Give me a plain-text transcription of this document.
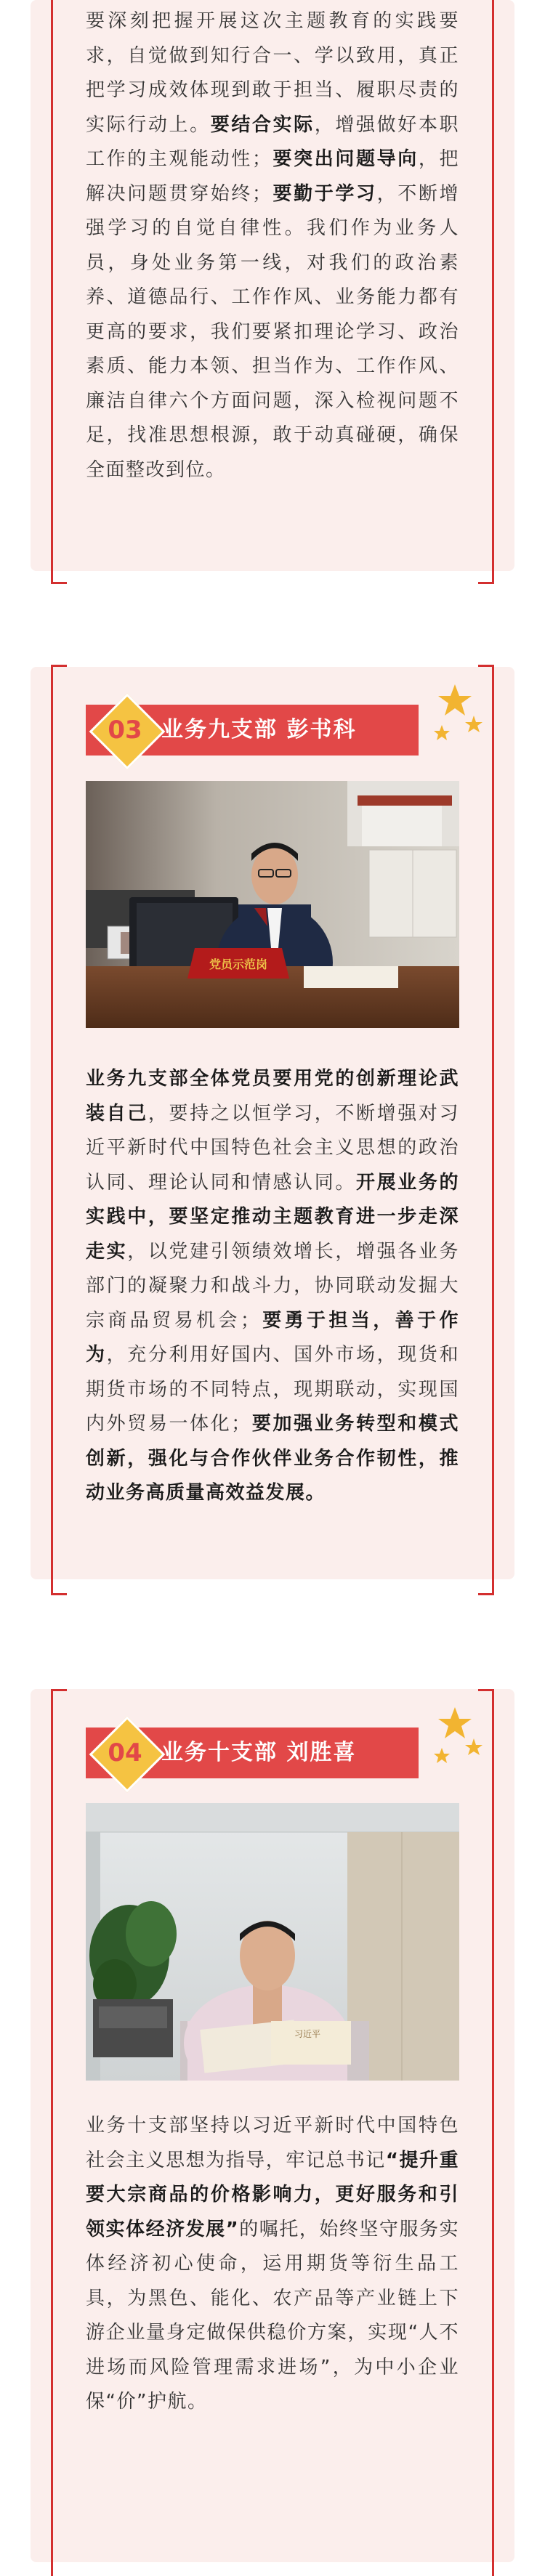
要深刻把握开展这次主题教育的实践要求，自觉做到知行合一、学以致用，真正把学习成效体现到敢于担当、履职尽责的实际行动上。要结合实际，增强做好本职工作的主观能动性；要突出问题导向，把解决问题贯穿始终；要勤于学习，不断增强学习的自觉自律性。我们作为业务人员，身处业务第一线，对我们的政治素养、道德品行、工作作风、业务能力都有更高的要求，我们要紧扣理论学习、政治素质、能力本领、担当作为、工作作风、廉洁自律六个方面问题，深入检视问题不足，找准思想根源，敢于动真碰硬，确保全面整改到位。

03 业务九支部 彭书科
党员示范岗

业务九支部全体党员要用党的创新理论武装自己，要持之以恒学习，不断增强对习近平新时代中国特色社会主义思想的政治认同、理论认同和情感认同。开展业务的实践中，要坚定推动主题教育进一步走深走实，以党建引领绩效增长，增强各业务部门的凝聚力和战斗力，协同联动发掘大宗商品贸易机会；要勇于担当，善于作为，充分利用好国内、国外市场，现货和期货市场的不同特点，现期联动，实现国内外贸易一体化；要加强业务转型和模式创新，强化与合作伙伴业务合作韧性，推动业务高质量高效益发展。

04 业务十支部 刘胜喜
习近平

业务十支部坚持以习近平新时代中国特色社会主义思想为指导，牢记总书记“提升重要大宗商品的价格影响力，更好服务和引领实体经济发展”的嘱托，始终坚守服务实体经济初心使命，运用期货等衍生品工具，为黑色、能化、农产品等产业链上下游企业量身定做保供稳价方案，实现“人不进场而风险管理需求进场”，为中小企业保“价”护航。
